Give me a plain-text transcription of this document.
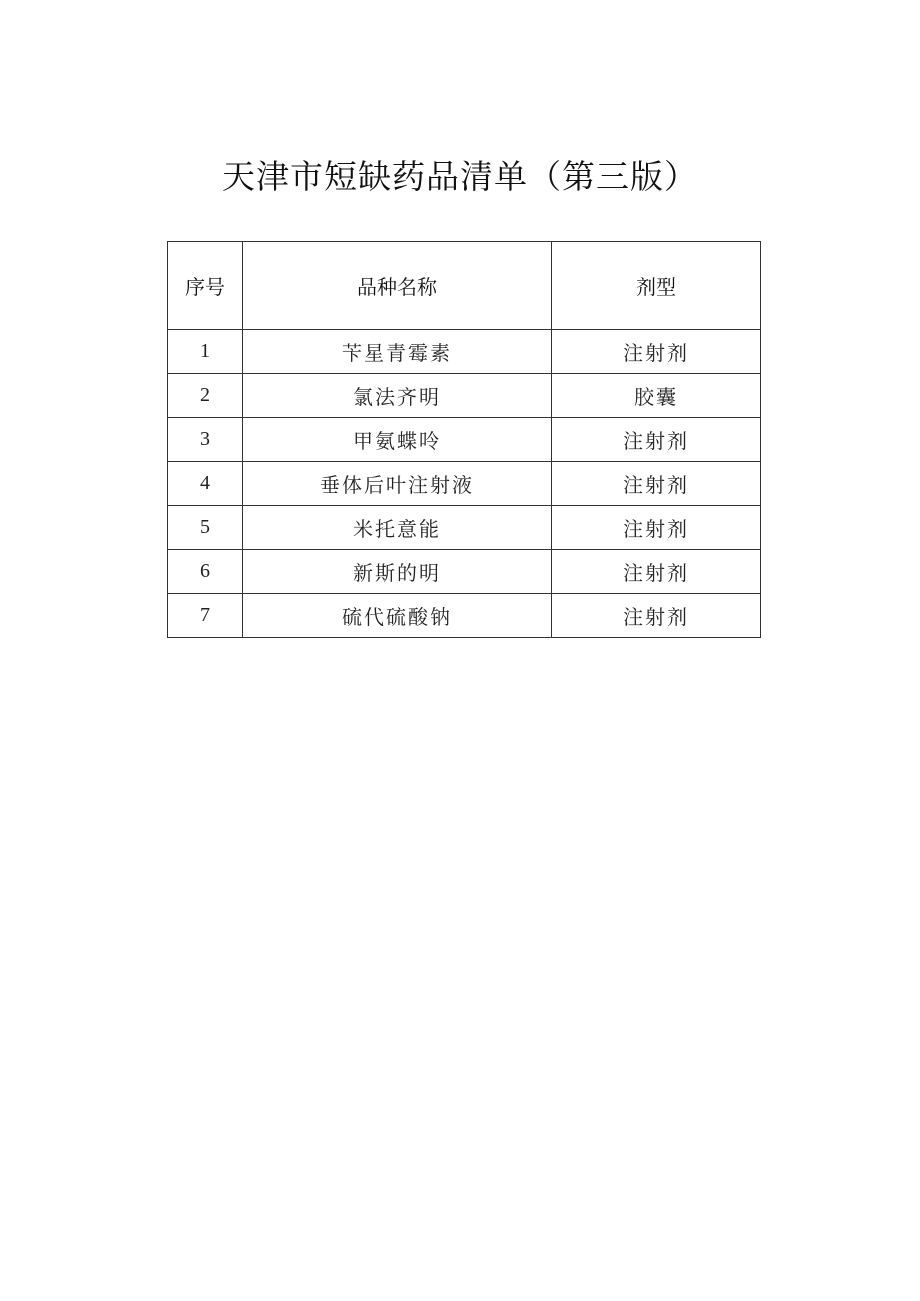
天津市短缺药品清单（第三版）
序号	品种名称	剂型
1	苄星青霉素	注射剂
2	氯法齐明	胶囊
3	甲氨蝶呤	注射剂
4	垂体后叶注射液	注射剂
5	米托意能	注射剂
6	新斯的明	注射剂
7	硫代硫酸钠	注射剂
